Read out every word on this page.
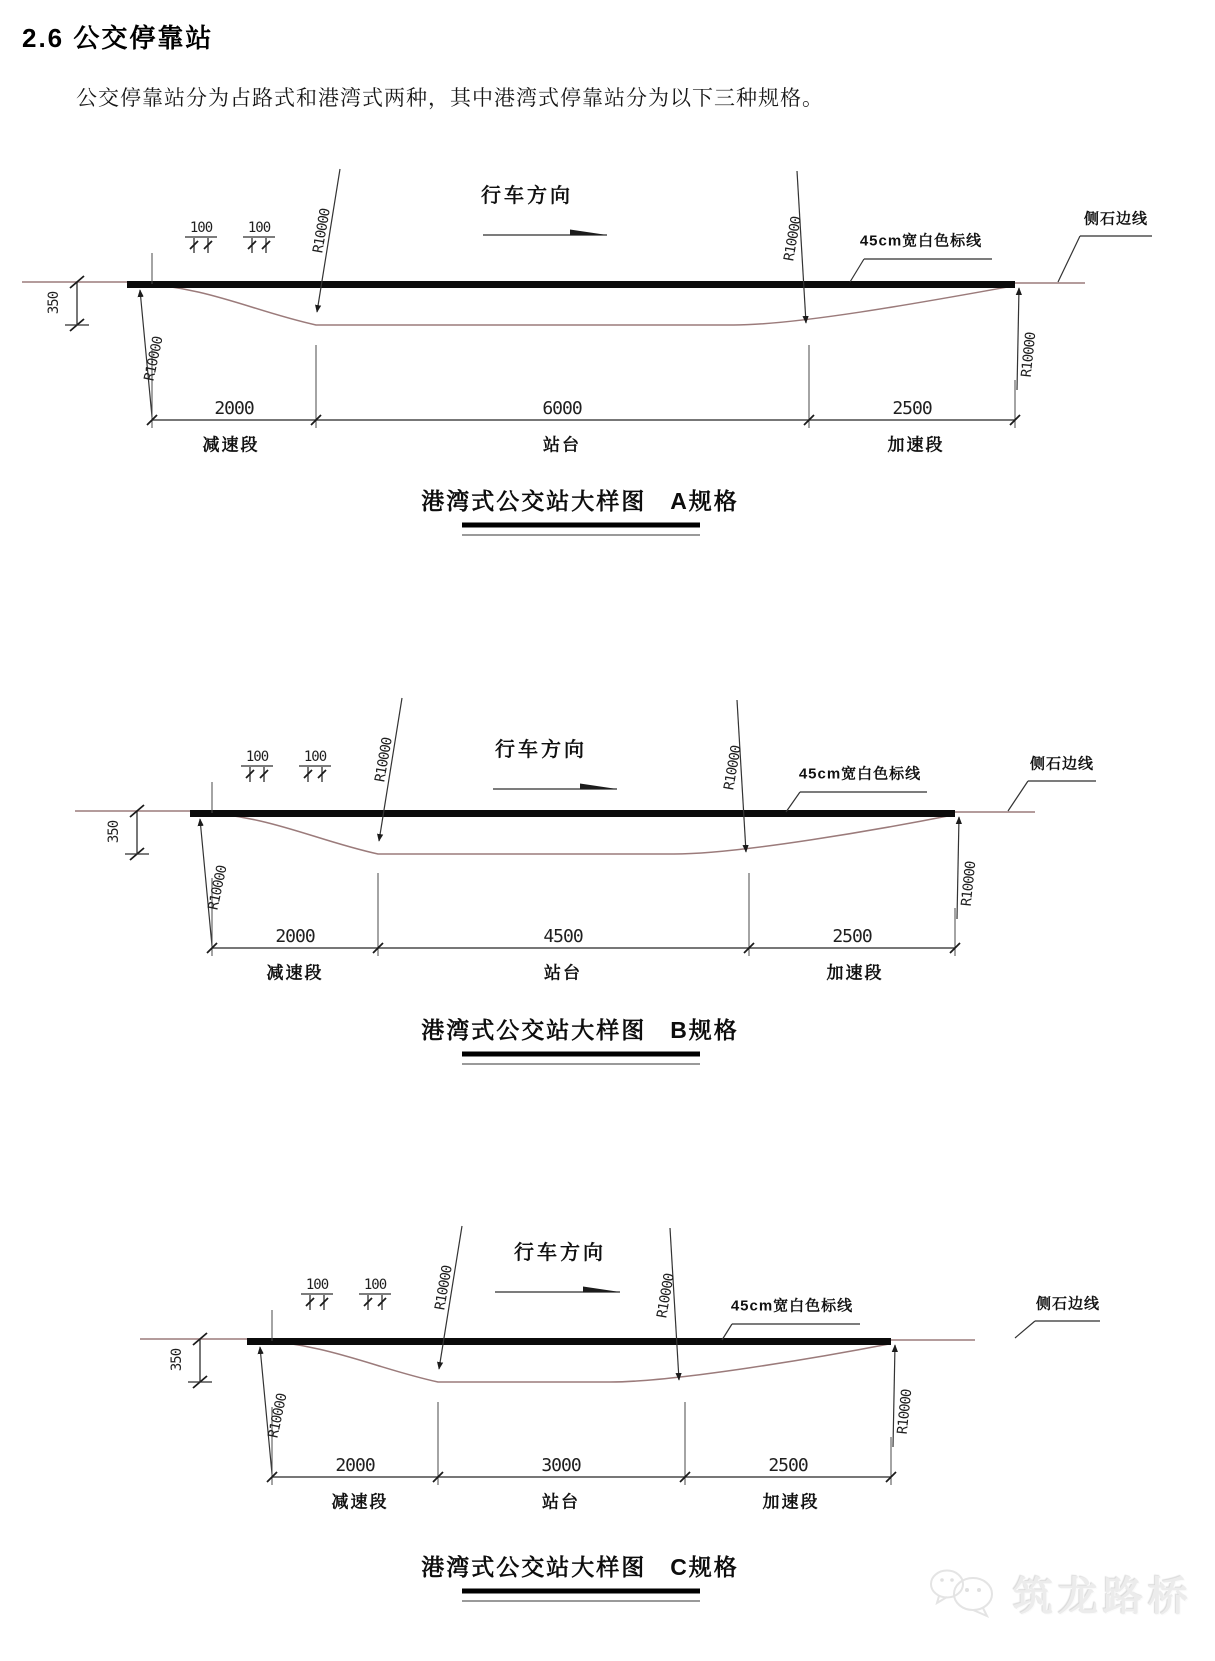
2.6 公交停靠站
公交停靠站分为占路式和港湾式两种，其中港湾式停靠站分为以下三种规格。
行车方向
100	100
350
R10000
R10000	R10000
R10000
45cm宽白色标线
侧石边线
2000	6000	2500
减速段	站台	加速段
港湾式公交站大样图 A规格
行车方向
100	100
350
R10000
R10000	R10000
R10000
45cm宽白色标线
侧石边线
2000	4500	2500
减速段	站台	加速段
港湾式公交站大样图 B规格
行车方向
100	100
350
R10000
R10000	R10000
R10000
45cm宽白色标线	侧石边线
2000	3000	2500
减速段	站台	加速段
港湾式公交站大样图 C规格
筑龙路桥
